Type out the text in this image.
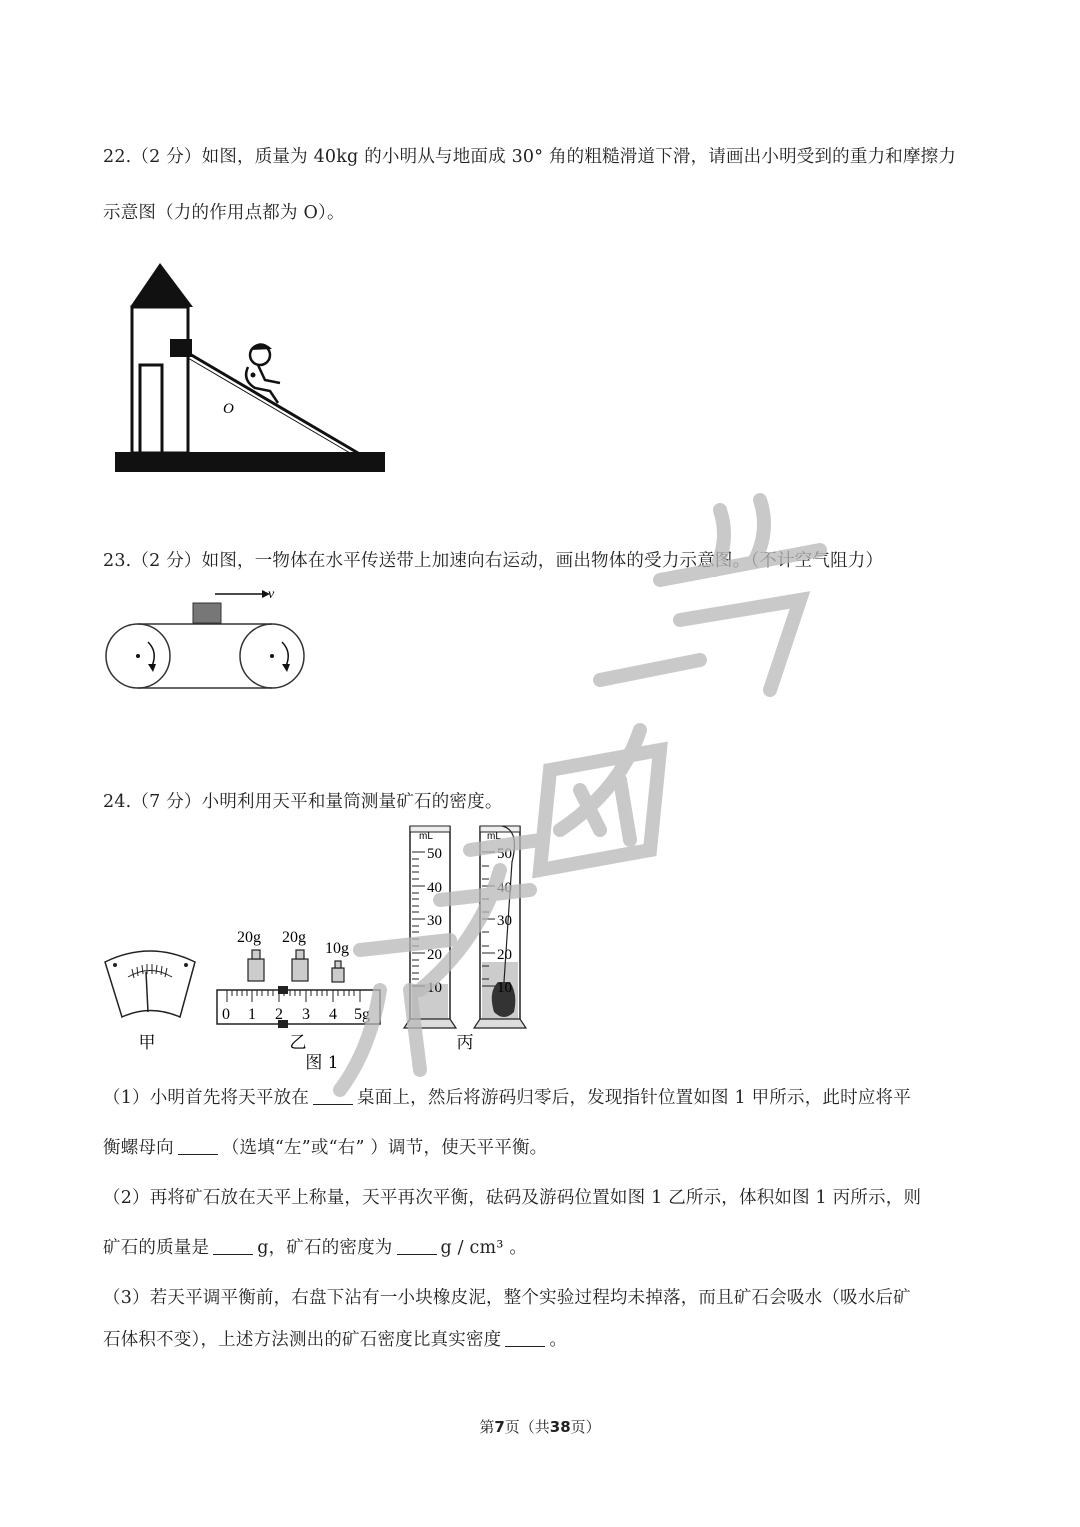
22.（2 分）如图，质量为 40kg 的小明从与地面成 30° 角的粗糙滑道下滑，请画出小明受到的重力和摩擦力
示意图（力的作用点都为 O）。
O
23.（2 分）如图，一物体在水平传送带上加速向右运动，画出物体的受力示意图。（不计空气阻力）
v
24.（7 分）小明利用天平和量筒测量矿石的密度。
甲
20g 20g
10g
0 1 2 3 4 5g
乙
图 1
mL
50
40
30
20
10
mL
50
40
30
20
10
丙
（1）小明首先将天平放在	桌面上，然后将游码归零后，发现指针位置如图 1 甲所示，此时应将平
衡螺母向	（选填“左”或“右” ）调节，使天平平衡。
（2）再将矿石放在天平上称量，天平再次平衡，砝码及游码位置如图 1 乙所示，体积如图 1 丙所示，则
矿石的质量是	g，矿石的密度为	g / cm³ 。
（3）若天平调平衡前，右盘下沾有一小块橡皮泥，整个实验过程均未掉落，而且矿石会吸水（吸水后矿
石体积不变），上述方法测出的矿石密度比真实密度	。
第7页（共38页）
